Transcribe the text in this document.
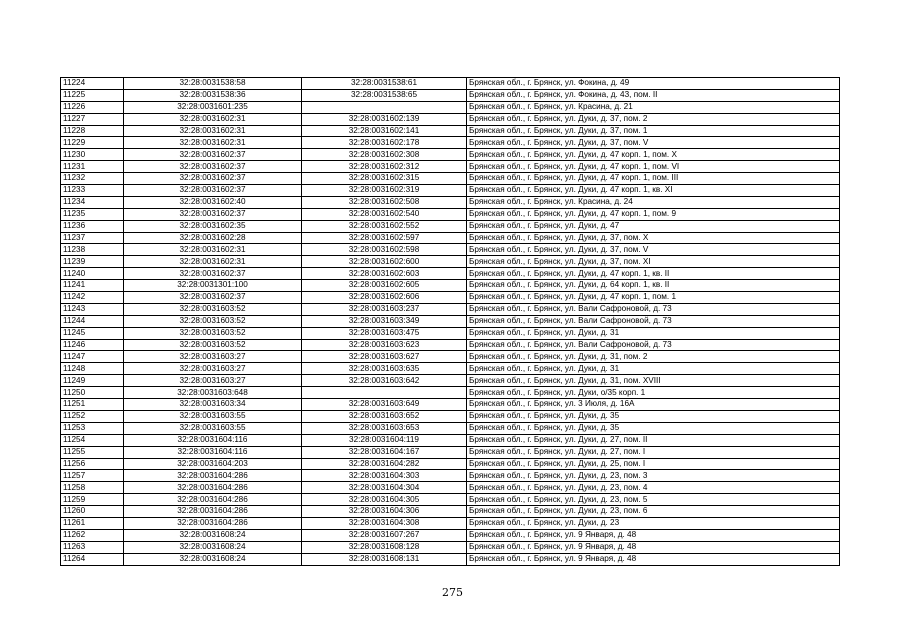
11224	32:28:0031538:58	32:28:0031538:61	Брянская обл., г. Брянск, ул. Фокина, д. 49
11225	32:28:0031538:36	32:28:0031538:65	Брянская обл., г. Брянск, ул. Фокина, д. 43, пом. II
11226	32:28:0031601:235		Брянская обл., г. Брянск, ул. Красина, д. 21
11227	32:28:0031602:31	32:28:0031602:139	Брянская обл., г. Брянск, ул. Дуки, д. 37, пом. 2
11228	32:28:0031602:31	32:28:0031602:141	Брянская обл., г. Брянск, ул. Дуки, д. 37, пом. 1
11229	32:28:0031602:31	32:28:0031602:178	Брянская обл., г. Брянск, ул. Дуки, д. 37, пом. V
11230	32:28:0031602:37	32:28:0031602:308	Брянская обл., г. Брянск, ул. Дуки, д. 47 корп. 1, пом. X
11231	32:28:0031602:37	32:28:0031602:312	Брянская обл., г. Брянск, ул. Дуки, д. 47 корп. 1, пом. VI
11232	32:28:0031602:37	32:28:0031602:315	Брянская обл., г. Брянск, ул. Дуки, д. 47 корп. 1, пом. III
11233	32:28:0031602:37	32:28:0031602:319	Брянская обл., г. Брянск, ул. Дуки, д. 47 корп. 1, кв. XI
11234	32:28:0031602:40	32:28:0031602:508	Брянская обл., г. Брянск, ул. Красина, д. 24
11235	32:28:0031602:37	32:28:0031602:540	Брянская обл., г. Брянск, ул. Дуки, д. 47 корп. 1, пом. 9
11236	32:28:0031602:35	32:28:0031602:552	Брянская обл., г. Брянск, ул. Дуки, д. 47
11237	32:28:0031602:28	32:28:0031602:597	Брянская обл., г. Брянск, ул. Дуки, д. 37, пом. X
11238	32:28:0031602:31	32:28:0031602:598	Брянская обл., г. Брянск, ул. Дуки, д. 37, пом. V
11239	32:28:0031602:31	32:28:0031602:600	Брянская обл., г. Брянск, ул. Дуки, д. 37, пом. XI
11240	32:28:0031602:37	32:28:0031602:603	Брянская обл., г. Брянск, ул. Дуки, д. 47 корп. 1, кв. II
11241	32:28:0031301:100	32:28:0031602:605	Брянская обл., г. Брянск, ул. Дуки, д. 64 корп. 1, кв. II
11242	32:28:0031602:37	32:28:0031602:606	Брянская обл., г. Брянск, ул. Дуки, д. 47 корп. 1, пом. 1
11243	32:28:0031603:52	32:28:0031603:237	Брянская обл., г. Брянск, ул. Вали Сафроновой, д. 73
11244	32:28:0031603:52	32:28:0031603:349	Брянская обл., г. Брянск, ул. Вали Сафроновой, д. 73
11245	32:28:0031603:52	32:28:0031603:475	Брянская обл., г. Брянск, ул. Дуки, д. 31
11246	32:28:0031603:52	32:28:0031603:623	Брянская обл., г. Брянск, ул. Вали Сафроновой, д. 73
11247	32:28:0031603:27	32:28:0031603:627	Брянская обл., г. Брянск, ул. Дуки, д. 31, пом. 2
11248	32:28:0031603:27	32:28:0031603:635	Брянская обл., г. Брянск, ул. Дуки, д. 31
11249	32:28:0031603:27	32:28:0031603:642	Брянская обл., г. Брянск, ул. Дуки, д. 31, пом. XVIII
11250	32:28:0031603:648		Брянская обл., г. Брянск, ул. Дуки, о/35 корп. 1
11251	32:28:0031603:34	32:28:0031603:649	Брянская обл., г. Брянск, ул. 3 Июля, д. 16А
11252	32:28:0031603:55	32:28:0031603:652	Брянская обл., г. Брянск, ул. Дуки, д. 35
11253	32:28:0031603:55	32:28:0031603:653	Брянская обл., г. Брянск, ул. Дуки, д. 35
11254	32:28:0031604:116	32:28:0031604:119	Брянская обл., г. Брянск, ул. Дуки, д. 27, пом. II
11255	32:28:0031604:116	32:28:0031604:167	Брянская обл., г. Брянск, ул. Дуки, д. 27, пом. I
11256	32:28:0031604:203	32:28:0031604:282	Брянская обл., г. Брянск, ул. Дуки, д. 25, пом. I
11257	32:28:0031604:286	32:28:0031604:303	Брянская обл., г. Брянск, ул. Дуки, д. 23, пом. 3
11258	32:28:0031604:286	32:28:0031604:304	Брянская обл., г. Брянск, ул. Дуки, д. 23, пом. 4
11259	32:28:0031604:286	32:28:0031604:305	Брянская обл., г. Брянск, ул. Дуки, д. 23, пом. 5
11260	32:28:0031604:286	32:28:0031604:306	Брянская обл., г. Брянск, ул. Дуки, д. 23, пом. 6
11261	32:28:0031604:286	32:28:0031604:308	Брянская обл., г. Брянск, ул. Дуки, д. 23
11262	32:28:0031608:24	32:28:0031607:267	Брянская обл., г. Брянск, ул. 9 Января, д. 48
11263	32:28:0031608:24	32:28:0031608:128	Брянская обл., г. Брянск, ул. 9 Января, д. 48
11264	32:28:0031608:24	32:28:0031608:131	Брянская обл., г. Брянск, ул. 9 Января, д. 48
275
